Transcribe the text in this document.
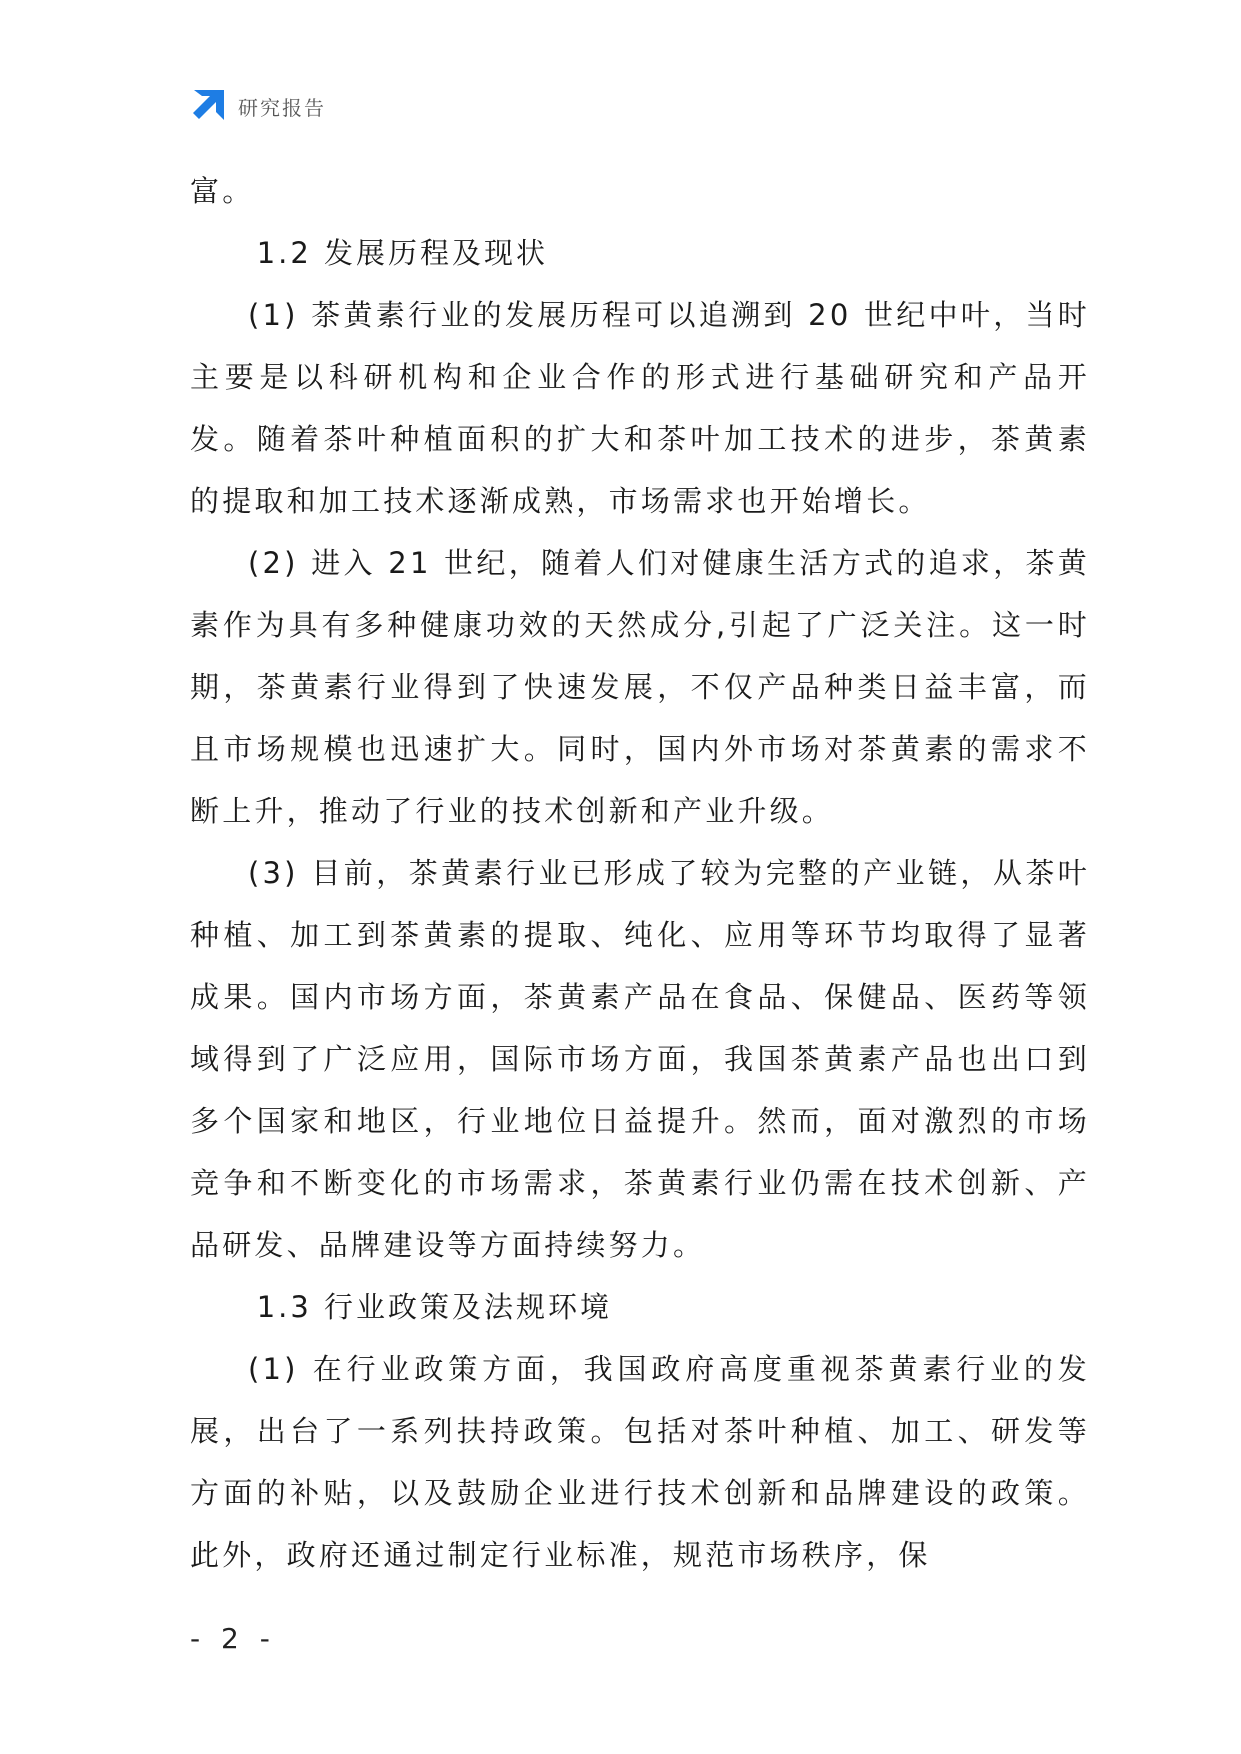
研究报告

富。

1.2 发展历程及现状

(1) 茶黄素行业的发展历程可以追溯到 20 世纪中叶，当时主要是以科研机构和企业合作的形式进行基础研究和产品开发。随着茶叶种植面积的扩大和茶叶加工技术的进步，茶黄素的提取和加工技术逐渐成熟，市场需求也开始增长。

(2) 进入 21 世纪，随着人们对健康生活方式的追求，茶黄素作为具有多种健康功效的天然成分,引起了广泛关注。这一时期，茶黄素行业得到了快速发展，不仅产品种类日益丰富，而且市场规模也迅速扩大。同时，国内外市场对茶黄素的需求不断上升，推动了行业的技术创新和产业升级。

(3) 目前，茶黄素行业已形成了较为完整的产业链，从茶叶种植、加工到茶黄素的提取、纯化、应用等环节均取得了显著成果。国内市场方面，茶黄素产品在食品、保健品、医药等领域得到了广泛应用，国际市场方面，我国茶黄素产品也出口到多个国家和地区，行业地位日益提升。然而，面对激烈的市场竞争和不断变化的市场需求，茶黄素行业仍需在技术创新、产品研发、品牌建设等方面持续努力。

1.3 行业政策及法规环境

(1) 在行业政策方面，我国政府高度重视茶黄素行业的发展，出台了一系列扶持政策。包括对茶叶种植、加工、研发等方面的补贴，以及鼓励企业进行技术创新和品牌建设的政策。此外，政府还通过制定行业标准，规范市场秩序，保

- 2 -
